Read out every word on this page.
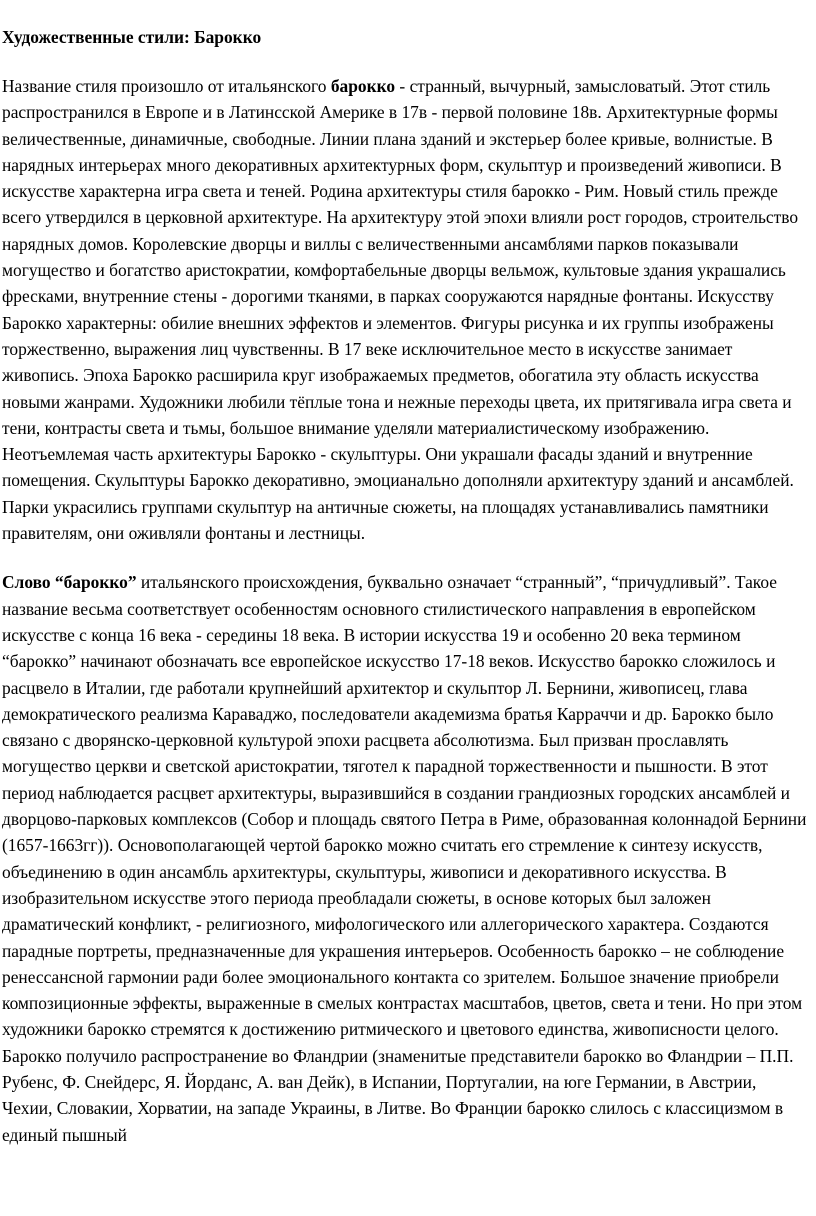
Художественные стили: Барокко

Название стиля произошло от итальянского барокко - странный, вычурный, замысловатый. Этот стиль распространился в Европе и в Латинсской Америке в 17в - первой половине 18в. Архитектурные формы величественные, динамичные, свободные. Линии плана зданий и экстерьер более кривые, волнистые. В нарядных интерьерах много декоративных архитектурных форм, скульптур и произведений живописи. В искусстве характерна игра света и теней. Родина архитектуры стиля барокко - Рим. Новый стиль прежде всего утвердился в церковной архитектуре. На архитектуру этой эпохи влияли рост городов, строительство нарядных домов. Королевские дворцы и виллы с величественными ансамблями парков показывали могущество и богатство аристократии, комфортабельные дворцы вельмож, культовые здания украшались фресками, внутренние стены - дорогими тканями, в парках сооружаются нарядные фонтаны. Искусству Барокко характерны: обилие внешних эффектов и элементов. Фигуры рисунка и их группы изображены торжественно, выражения лиц чувственны. В 17 веке исключительное место в искусстве занимает живопись. Эпоха Барокко расширила круг изображаемых предметов, обогатила эту область искусства новыми жанрами. Художники любили тёплые тона и нежные переходы цвета, их притягивала игра света и тени, контрасты света и тьмы, большое внимание уделяли материалистическому изображению. Неотъемлемая часть архитектуры Барокко - скульптуры. Они украшали фасады зданий и внутренние помещения. Скульптуры Барокко декоративно, эмоцианально дополняли архитектуру зданий и ансамблей. Парки украсились группами скульптур на античные сюжеты, на площадях устанавливались памятники правителям, они оживляли фонтаны и лестницы.

Слово “барокко” итальянского происхождения, буквально означает “странный”, “причудливый”. Такое название весьма соответствует особенностям основного стилистического направления в европейском искусстве с конца 16 века - середины 18 века. В истории искусства 19 и особенно 20 века термином “барокко” начинают обозначать все европейское искусство 17-18 веков. Искусство барокко сложилось и расцвело в Италии, где работали крупнейший архитектор и скульптор Л. Бернини, живописец, глава демократического реализма Караваджо, последователи академизма братья Карраччи и др. Барокко было связано с дворянско-церковной культурой эпохи расцвета абсолютизма. Был призван прославлять могущество церкви и светской аристократии, тяготел к парадной торжественности и пышности. В этот период наблюдается расцвет архитектуры, выразившийся в создании грандиозных городских ансамблей и дворцово-парковых комплексов (Собор и площадь святого Петра в Риме, образованная колоннадой Бернини (1657-1663гг)). Основополагающей чертой барокко можно считать его стремление к синтезу искусств, объединению в один ансамбль архитектуры, скульптуры, живописи и декоративного искусства. В изобразительном искусстве этого периода преобладали сюжеты, в основе которых был заложен драматический конфликт, - религиозного, мифологического или аллегорического характера. Создаются парадные портреты, предназначенные для украшения интерьеров. Особенность барокко – не соблюдение ренессансной гармонии ради более эмоционального контакта со зрителем. Большое значение приобрели композиционные эффекты, выраженные в смелых контрастах масштабов, цветов, света и тени. Но при этом художники барокко стремятся к достижению ритмического и цветового единства, живописности целого. Барокко получило распространение во Фландрии (знаменитые представители барокко во Фландрии – П.П. Рубенс, Ф. Снейдерс, Я. Йорданс, А. ван Дейк), в Испании, Португалии, на юге Германии, в Австрии, Чехии, Словакии, Хорватии, на западе Украины, в Литве. Во Франции барокко слилось с классицизмом в единый пышный
